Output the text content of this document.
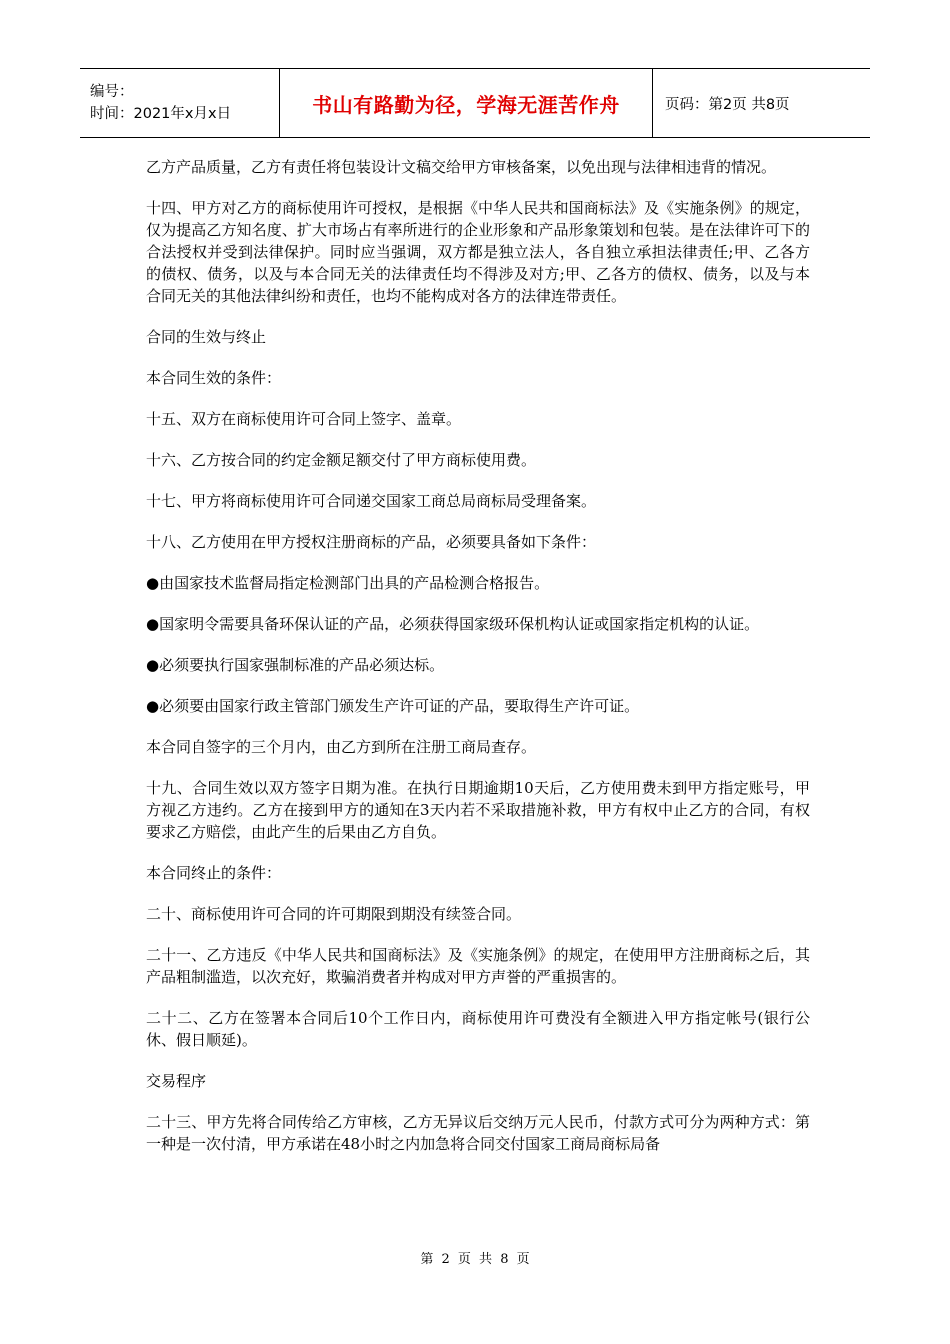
编号：
时间：2021年x月x日	书山有路勤为径，学海无涯苦作舟	页码：第2页 共8页

乙方产品质量，乙方有责任将包装设计文稿交给甲方审核备案，以免出现与法律相违背的情况。

十四、甲方对乙方的商标使用许可授权，是根据《中华人民共和国商标法》及《实施条例》的规定，仅为提高乙方知名度、扩大市场占有率所进行的企业形象和产品形象策划和包装。是在法律许可下的合法授权并受到法律保护。同时应当强调，双方都是独立法人，各自独立承担法律责任;甲、乙各方的债权、债务，以及与本合同无关的法律责任均不得涉及对方;甲、乙各方的债权、债务，以及与本合同无关的其他法律纠纷和责任，也均不能构成对各方的法律连带责任。

合同的生效与终止

本合同生效的条件：

十五、双方在商标使用许可合同上签字、盖章。

十六、乙方按合同的约定金额足额交付了甲方商标使用费。

十七、甲方将商标使用许可合同递交国家工商总局商标局受理备案。

十八、乙方使用在甲方授权注册商标的产品，必须要具备如下条件：

●由国家技术监督局指定检测部门出具的产品检测合格报告。

●国家明令需要具备环保认证的产品，必须获得国家级环保机构认证或国家指定机构的认证。

●必须要执行国家强制标准的产品必须达标。

●必须要由国家行政主管部门颁发生产许可证的产品，要取得生产许可证。

本合同自签字的三个月内，由乙方到所在注册工商局查存。

十九、合同生效以双方签字日期为准。在执行日期逾期10天后，乙方使用费未到甲方指定账号，甲方视乙方违约。乙方在接到甲方的通知在3天内若不采取措施补救，甲方有权中止乙方的合同，有权要求乙方赔偿，由此产生的后果由乙方自负。

本合同终止的条件：

二十、商标使用许可合同的许可期限到期没有续签合同。

二十一、乙方违反《中华人民共和国商标法》及《实施条例》的规定，在使用甲方注册商标之后，其产品粗制滥造，以次充好，欺骗消费者并构成对甲方声誉的严重损害的。

二十二、乙方在签署本合同后10个工作日内，商标使用许可费没有全额进入甲方指定帐号(银行公休、假日顺延)。

交易程序

二十三、甲方先将合同传给乙方审核，乙方无异议后交纳万元人民币，付款方式可分为两种方式：第一种是一次付清，甲方承诺在48小时之内加急将合同交付国家工商局商标局备

第 2 页 共 8 页
